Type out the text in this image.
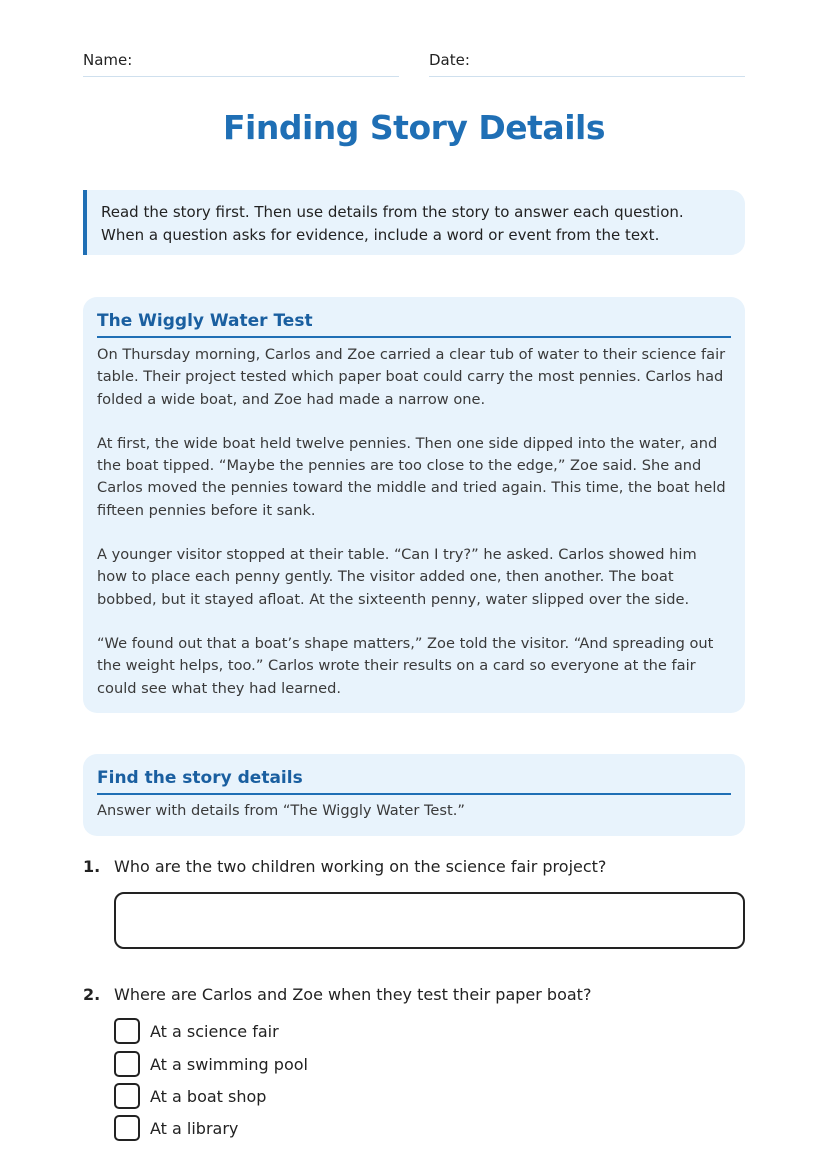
Name:	Date:
Finding Story Details
Read the story first. Then use details from the story to answer each question. When a question asks for evidence, include a word or event from the text.
The Wiggly Water Test

On Thursday morning, Carlos and Zoe carried a clear tub of water to their science fair table. Their project tested which paper boat could carry the most pennies. Carlos had folded a wide boat, and Zoe had made a narrow one.

At first, the wide boat held twelve pennies. Then one side dipped into the water, and the boat tipped. “Maybe the pennies are too close to the edge,” Zoe said. She and Carlos moved the pennies toward the middle and tried again. This time, the boat held fifteen pennies before it sank.

A younger visitor stopped at their table. “Can I try?” he asked. Carlos showed him how to place each penny gently. The visitor added one, then another. The boat bobbed, but it stayed afloat. At the sixteenth penny, water slipped over the side.

“We found out that a boat’s shape matters,” Zoe told the visitor. “And spreading out the weight helps, too.” Carlos wrote their results on a card so everyone at the fair could see what they had learned.

Find the story details
Answer with details from “The Wiggly Water Test.”
1. Who are the two children working on the science fair project?
2. Where are Carlos and Zoe when they test their paper boat?
At a science fair
At a swimming pool
At a boat shop
At a library
